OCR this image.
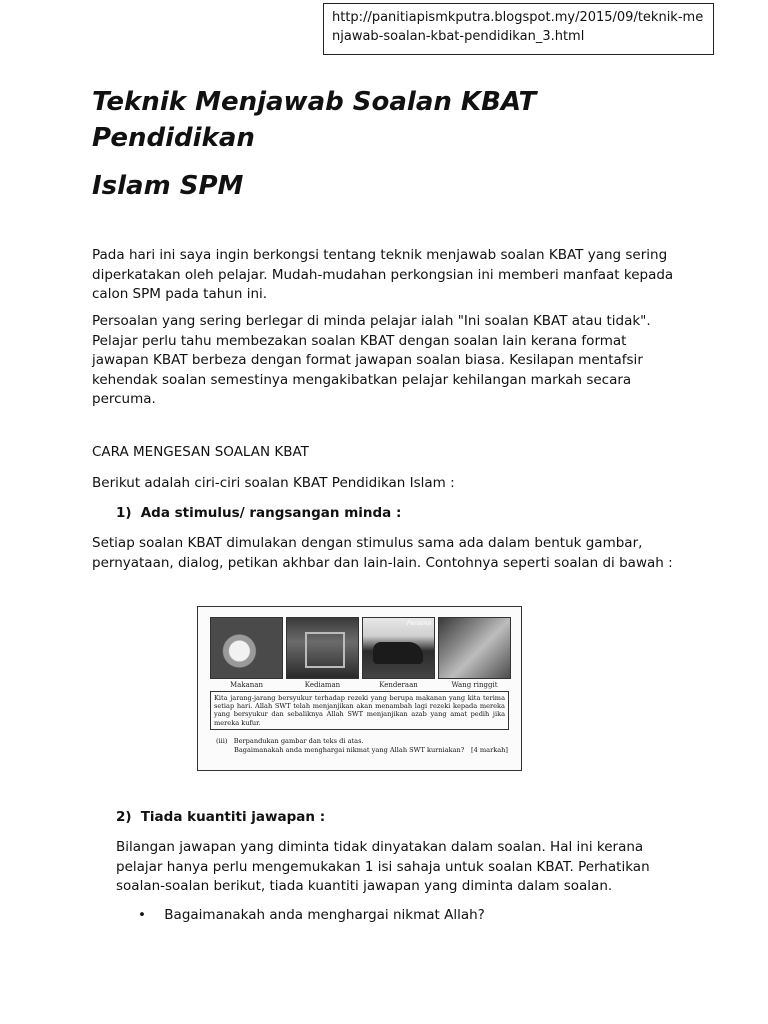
http://panitiapismkputra.blogspot.my/2015/09/teknik-menjawab-soalan-kbat-pendidikan_3.html
Teknik Menjawab Soalan KBAT Pendidikan
Islam SPM

Pada hari ini saya ingin berkongsi tentang teknik menjawab soalan KBAT yang sering diperkatakan oleh pelajar. Mudah-mudahan perkongsian ini memberi manfaat kepada calon SPM pada tahun ini.

Persoalan yang sering berlegar di minda pelajar ialah "Ini soalan KBAT atau tidak". Pelajar perlu tahu membezakan soalan KBAT dengan soalan lain kerana format jawapan KBAT berbeza dengan format jawapan soalan biasa. Kesilapan mentafsir kehendak soalan semestinya mengakibatkan pelajar kehilangan markah secara percuma.

CARA MENGESAN SOALAN KBAT

Berikut adalah ciri-ciri soalan KBAT Pendidikan Islam :

1) Ada stimulus/ rangsangan minda :

Setiap soalan KBAT dimulakan dengan stimulus sama ada dalam bentuk gambar, pernyataan, dialog, petikan akhbar dan lain-lain. Contohnya seperti soalan di bawah :

Persona
Makanan	Kediaman	Kenderaan	Wang ringgit
Kita jarang-jarang bersyukur terhadap rezeki yang berupa makanan yang kita terima setiap hari. Allah SWT telah menjanjikan akan menambah lagi rezeki kepada mereka yang bersyukur dan sebaliknya Allah SWT menjanjikan azab yang amat pedih jika mereka kufur.
(iii) Berpandukan gambar dan teks di atas.
Bagaimanakah anda menghargai nikmat yang Allah SWT kurniakan? [4 markah]

2) Tiada kuantiti jawapan :

Bilangan jawapan yang diminta tidak dinyatakan dalam soalan. Hal ini kerana pelajar hanya perlu mengemukakan 1 isi sahaja untuk soalan KBAT. Perhatikan soalan-soalan berikut, tiada kuantiti jawapan yang diminta dalam soalan.

• Bagaimanakah anda menghargai nikmat Allah?
